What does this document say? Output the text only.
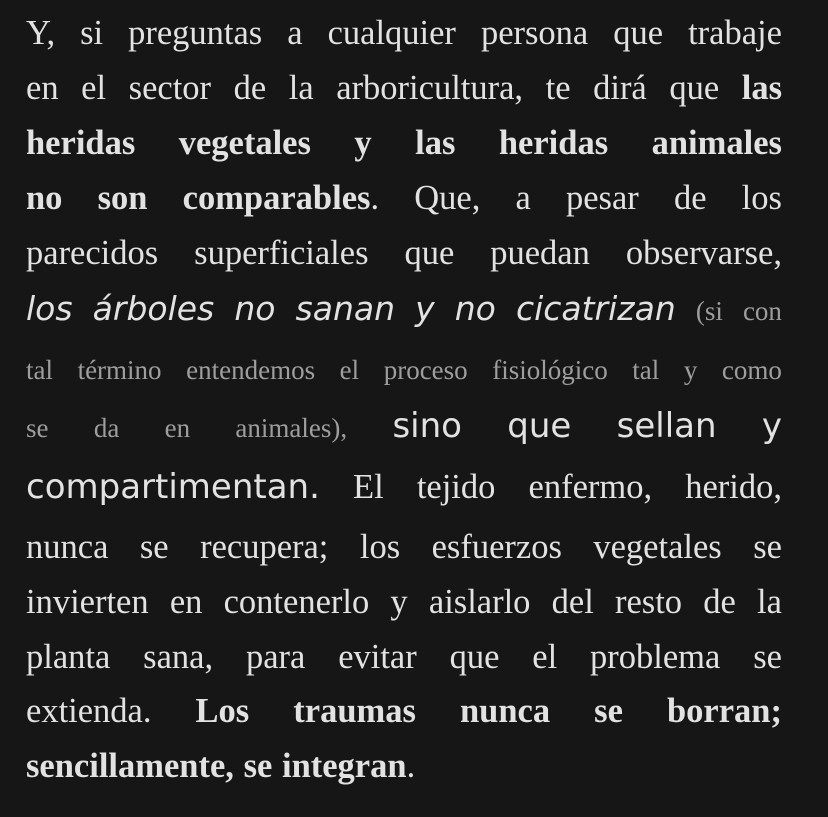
Y, si preguntas a cualquier persona que trabaje
en el sector de la arboricultura, te dirá que las
heridas vegetales y las heridas animales
no son comparables. Que, a pesar de los
parecidos superficiales que puedan observarse,
los árboles no sanan y no cicatrizan (si con
tal término entendemos el proceso fisiológico tal y como
se da en animales), sino que sellan y
compartimentan. El tejido enfermo, herido,
nunca se recupera; los esfuerzos vegetales se
invierten en contenerlo y aislarlo del resto de la
planta sana, para evitar que el problema se
extienda. Los traumas nunca se borran;
sencillamente, se integran.
